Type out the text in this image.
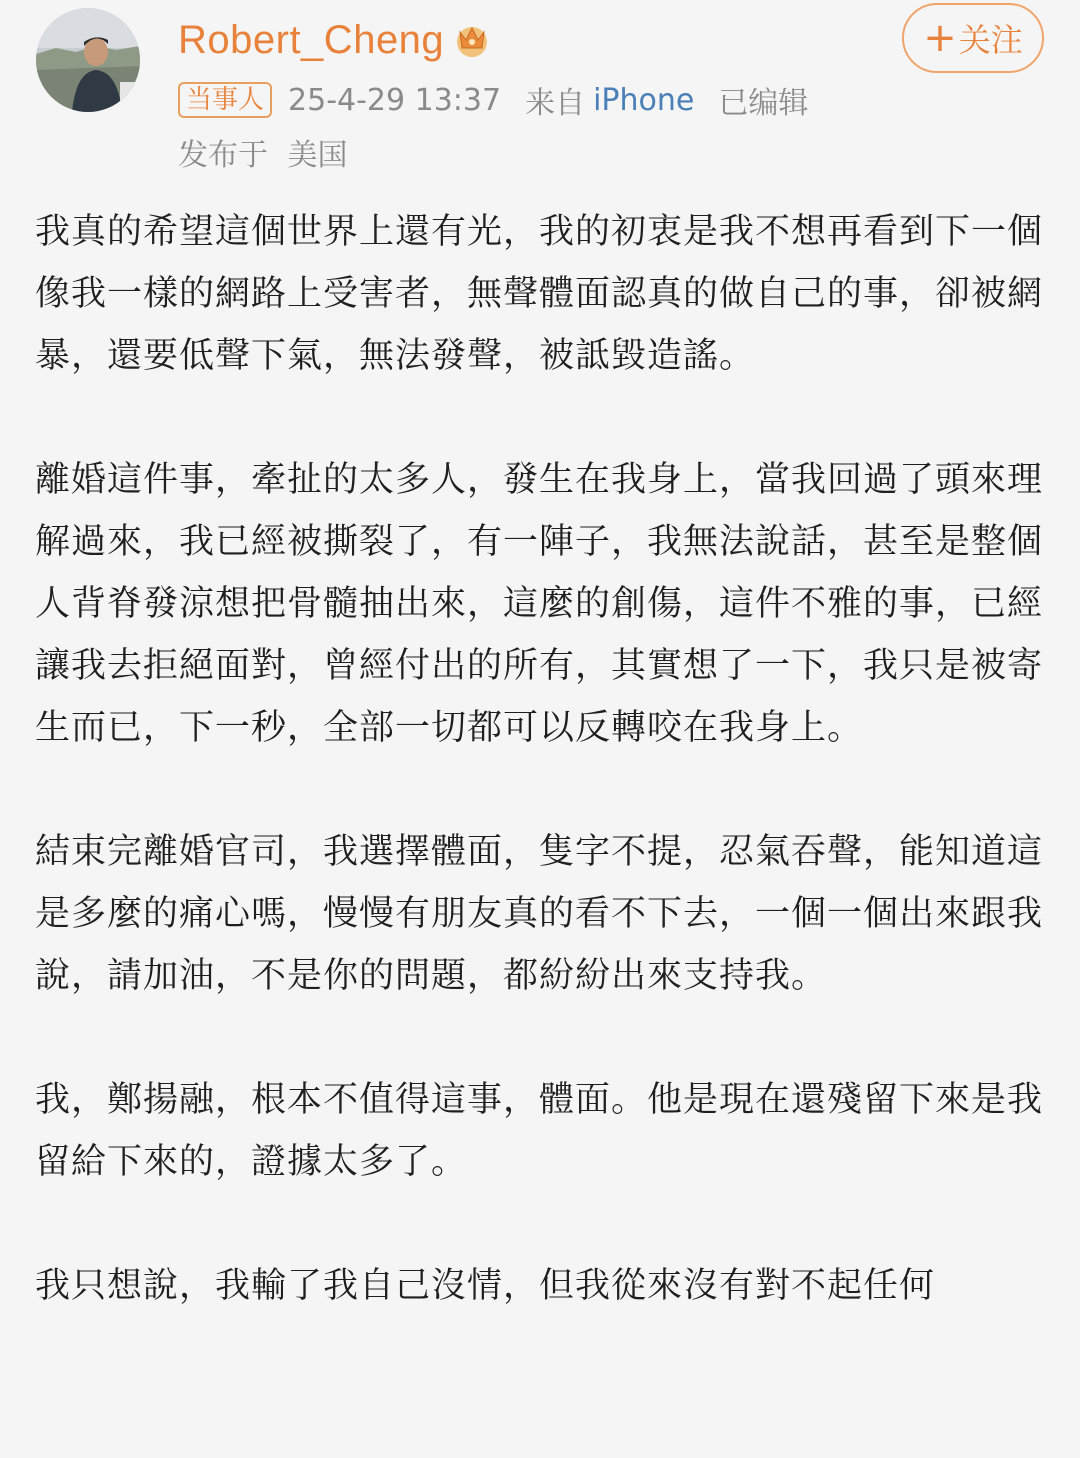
Robert_Cheng	+ 关注
当事人 25-4-29 13:37 来自 iPhone 已编辑
发布于 美国

我真的希望這個世界上還有光，我的初衷是我不想再看到下一個像我一樣的網路上受害者，無聲體面認真的做自己的事，卻被網暴，還要低聲下氣，無法發聲，被詆毀造謠。

離婚這件事，牽扯的太多人，發生在我身上，當我回過了頭來理解過來，我已經被撕裂了，有一陣子，我無法說話，甚至是整個人背脊發涼想把骨髓抽出來，這麼的創傷，這件不雅的事，已經讓我去拒絕面對，曾經付出的所有，其實想了一下，我只是被寄生而已，下一秒，全部一切都可以反轉咬在我身上。

結束完離婚官司，我選擇體面，隻字不提，忍氣吞聲，能知道這是多麼的痛心嗎，慢慢有朋友真的看不下去，一個一個出來跟我說，請加油，不是你的問題，都紛紛出來支持我。

我，鄭揚融，根本不值得這事，體面。他是現在還殘留下來是我留給下來的，證據太多了。

我只想說，我輸了我自己沒情，但我從來沒有對不起任何
